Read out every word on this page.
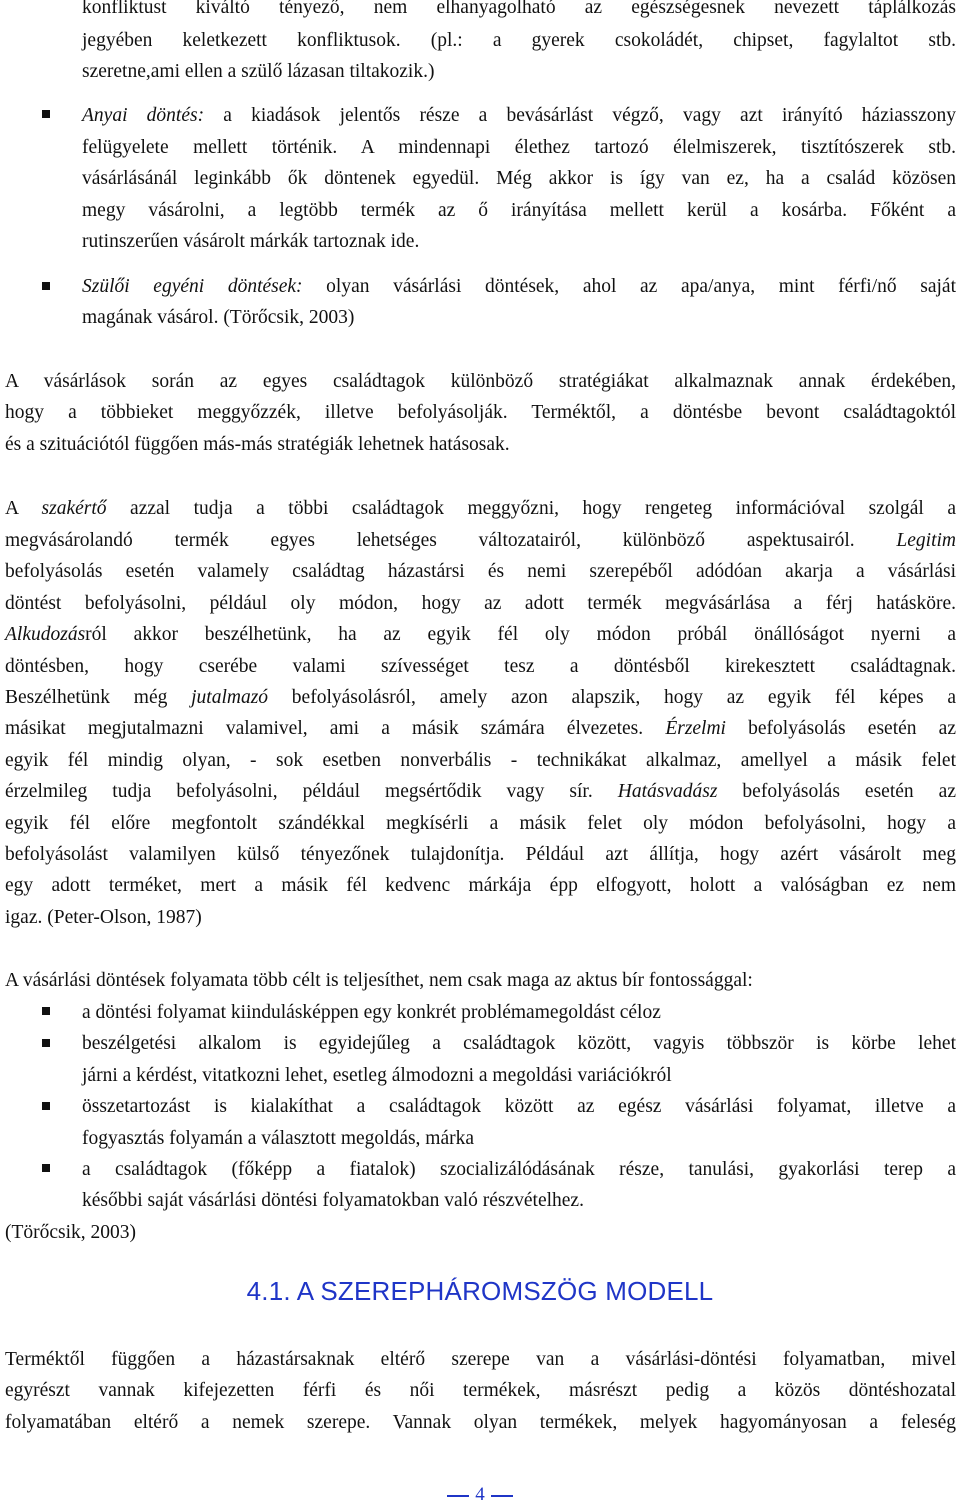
konfliktust kiváltó tényező, nem elhanyagolható az egészségesnek nevezett táplálkozás
jegyében keletkezett konfliktusok. (pl.: a gyerek csokoládét, chipset, fagylaltot stb.
szeretne,ami ellen a szülő lázasan tiltakozik.)
Anyai döntés: a kiadások jelentős része a bevásárlást végző, vagy azt irányító háziasszony
felügyelete mellett történik. A mindennapi élethez tartozó élelmiszerek, tisztítószerek stb.
vásárlásánál leginkább ők döntenek egyedül. Még akkor is így van ez, ha a család közösen
megy vásárolni, a legtöbb termék az ő irányítása mellett kerül a kosárba. Főként a
rutinszerűen vásárolt márkák tartoznak ide.
Szülői egyéni döntések: olyan vásárlási döntések, ahol az apa/anya, mint férfi/nő saját
magának vásárol. (Törőcsik, 2003)
A vásárlások során az egyes családtagok különböző stratégiákat alkalmaznak annak érdekében,
hogy a többieket meggyőzzék, illetve befolyásolják. Terméktől, a döntésbe bevont családtagoktól
és a szituációtól függően más-más stratégiák lehetnek hatásosak.
A szakértő azzal tudja a többi családtagok meggyőzni, hogy rengeteg információval szolgál a
megvásárolandó termék egyes lehetséges változatairól, különböző aspektusairól. Legitim
befolyásolás esetén valamely családtag házastársi és nemi szerepéből adódóan akarja a vásárlási
döntést befolyásolni, például oly módon, hogy az adott termék megvásárlása a férj hatásköre.
Alkudozásról akkor beszélhetünk, ha az egyik fél oly módon próbál önállóságot nyerni a
döntésben, hogy cserébe valami szívességet tesz a döntésből kirekesztett családtagnak.
Beszélhetünk még jutalmazó befolyásolásról, amely azon alapszik, hogy az egyik fél képes a
másikat megjutalmazni valamivel, ami a másik számára élvezetes. Érzelmi befolyásolás esetén az
egyik fél mindig olyan, - sok esetben nonverbális - technikákat alkalmaz, amellyel a másik felet
érzelmileg tudja befolyásolni, például megsértődik vagy sír. Hatásvadász befolyásolás esetén az
egyik fél előre megfontolt szándékkal megkísérli a másik felet oly módon befolyásolni, hogy a
befolyásolást valamilyen külső tényezőnek tulajdonítja. Például azt állítja, hogy azért vásárolt meg
egy adott terméket, mert a másik fél kedvenc márkája épp elfogyott, holott a valóságban ez nem
igaz. (Peter-Olson, 1987)
A vásárlási döntések folyamata több célt is teljesíthet, nem csak maga az aktus bír fontossággal:
a döntési folyamat kiindulásképpen egy konkrét problémamegoldást céloz
beszélgetési alkalom is egyidejűleg a családtagok között, vagyis többször is körbe lehet
járni a kérdést, vitatkozni lehet, esetleg álmodozni a megoldási variációkról
összetartozást is kialakíthat a családtagok között az egész vásárlási folyamat, illetve a
fogyasztás folyamán a választott megoldás, márka
a családtagok (főképp a fiatalok) szocializálódásának része, tanulási, gyakorlási terep a
későbbi saját vásárlási döntési folyamatokban való részvételhez.
(Törőcsik, 2003)
4.1. A SZEREPHÁROMSZÖG MODELL
Terméktől függően a házastársaknak eltérő szerepe van a vásárlási-döntési folyamatban, mivel
egyrészt vannak kifejezetten férfi és női termékek, másrészt pedig a közös döntéshozatal
folyamatában eltérő a nemek szerepe. Vannak olyan termékek, melyek hagyományosan a feleség
4
